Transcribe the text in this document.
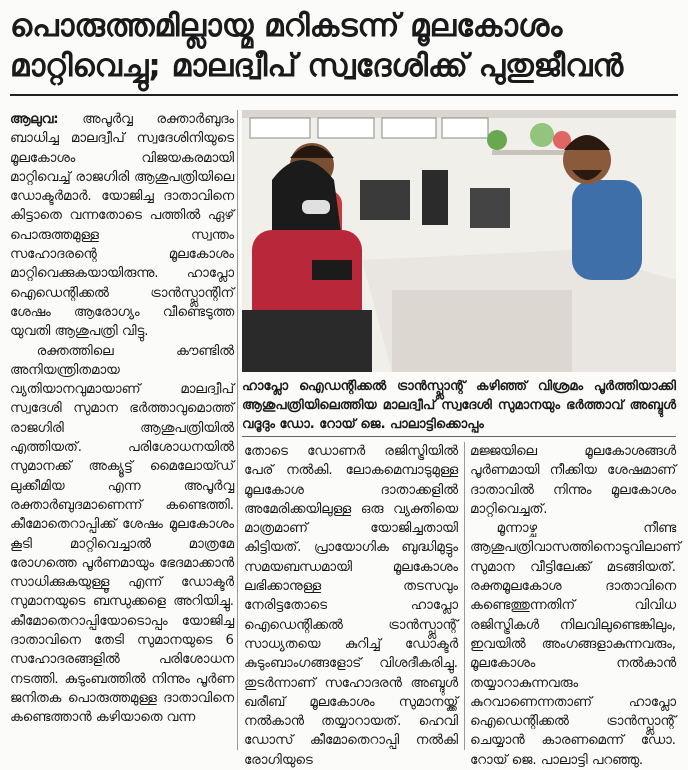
പൊരുത്തമില്ലായ്മ മറികടന്ന് മൂലകോശം
മാറ്റിവെച്ചു; മാലദ്വീപ് സ്വദേശിക്ക് പുതുജീവൻ

ആലുവ: അപൂർവ്വ രക്താർബുദം ബാധിച്ച മാലദ്വീപ് സ്വദേശിനിയുടെ മൂലകോശം വിജയകരമായി മാറ്റിവെച്ച് രാജഗിരി ആശുപത്രിയിലെ ഡോക്ടർമാർ. യോജിച്ച ദാതാവിനെ കിട്ടാതെ വന്നതോടെ പത്തിൽ ഏഴ് പൊരുത്തമുള്ള സ്വന്തം സഹോദരന്റെ മൂലകോശം മാറ്റിവെക്കുകയായിരുന്നു. ഹാപ്ലോ ഐഡെന്റിക്കൽ ട്രാൻസ്പ്ലാന്റിന് ശേഷം ആരോഗ്യം വീണ്ടെടുത്ത യുവതി ആശുപത്രി വിട്ടു.

രക്തത്തിലെ കൗണ്ടിൽ അനിയന്ത്രിതമായ വ്യതിയാനവുമായാണ് മാലദ്വീപ് സ്വദേശി സുമാന ഭർത്താവുമൊത്ത് രാജഗിരി ആശുപത്രിയിൽ എത്തിയത്. പരിശോധനയിൽ സുമാനക്ക് അക്യൂട്ട് മൈലോയ്ഡ് ലുക്കീമിയ എന്ന അപൂർവ്വ രക്താർബുദമാണെന്ന് കണ്ടെത്തി. കീമോതെറാപ്പിക്ക് ശേഷം മൂലകോശം കൂടി മാറ്റിവെച്ചാൽ മാത്രമേ രോഗത്തെ പൂർണമായും ഭേദമാക്കാൻ സാധിക്കുകയുള്ളൂ എന്ന് ഡോക്ടർ സുമാനയുടെ ബന്ധുക്കളെ അറിയിച്ചു. കീമോതെറാപ്പിയോടൊപ്പം യോജിച്ച ദാതാവിനെ തേടി സുമാനയുടെ 6 സഹോദരങ്ങളിൽ പരിശോധന നടത്തി. കുടുംബത്തിൽ നിന്നും പൂർണ ജനിതക പൊരുത്തമുള്ള ദാതാവിനെ കണ്ടെത്താൻ കഴിയാതെ വന്ന

ഹാപ്ലോ ഐഡന്റിക്കൽ ട്രാൻസ്പ്ലാന്റ് കഴിഞ്ഞ് വിശ്രമം പൂർത്തിയാക്കി ആശുപത്രിയിലെത്തിയ മാലദ്വീപ് സ്വദേശി സുമാനയും ഭർത്താവ് അബ്ദുൾ വദൂദും ഡോ. റോയ് ജെ. പാലാട്ടിക്കൊപ്പം

തോടെ ഡോണർ രജിസ്ട്രിയിൽ പേര് നൽകി. ലോകമെമ്പാടുമുള്ള മൂലകോശ ദാതാക്കളിൽ അമേരിക്കയിലുള്ള ഒരു വ്യക്തിയെ മാത്രമാണ് യോജിച്ചതായി കിട്ടിയത്. പ്രായോഗിക ബുദ്ധിമുട്ടും സമയബന്ധമായി മൂലകോശം ലഭിക്കാനുള്ള തടസവും നേരിട്ടതോടെ ഹാപ്ലോ ഐഡെന്റിക്കൽ ട്രാൻസ്പ്ലാന്റ് സാധ്യതയെ കുറിച്ച് ഡോക്ടർ കുടുംബാംഗങ്ങളോട് വിശദീകരിച്ചു. തുടർന്നാണ് സഹോദരൻ അബ്ദുൾ ഖരീബ് മൂലകോശം സുമാനയ്ക്ക് നൽകാൻ തയ്യാറായത്. ഹെവി ഡോസ് കീമോതെറാപ്പി നൽകി രോഗിയുടെ

മജ്ജയിലെ മൂലകോശങ്ങൾ പൂർണമായി നീക്കിയ ശേഷമാണ് ദാതാവിൽ നിന്നും മൂലകോശം മാറ്റിവെച്ചത്.

മൂന്നാഴ്ച നീണ്ട ആശുപത്രിവാസത്തിനൊടുവിലാണ് സുമാന വീട്ടിലേക്ക് മടങ്ങിയത്. രക്തമൂലകോശ ദാതാവിനെ കണ്ടെത്തുന്നതിന് വിവിധ രജിസ്ട്രികൾ നിലവിലുണ്ടെങ്കിലും, ഇവയിൽ അംഗങ്ങളാകുന്നവരും, മൂലകോശം നൽകാൻ തയ്യാറാകുന്നവരും കുറവാണെന്നതാണ് ഹാപ്ലോ ഐഡെന്റിക്കൽ ട്രാൻസ്പ്ലാന്റ് ചെയ്യാൻ കാരണമെന്ന് ഡോ. റോയ് ജെ. പാലാട്ടി പറഞ്ഞു.
